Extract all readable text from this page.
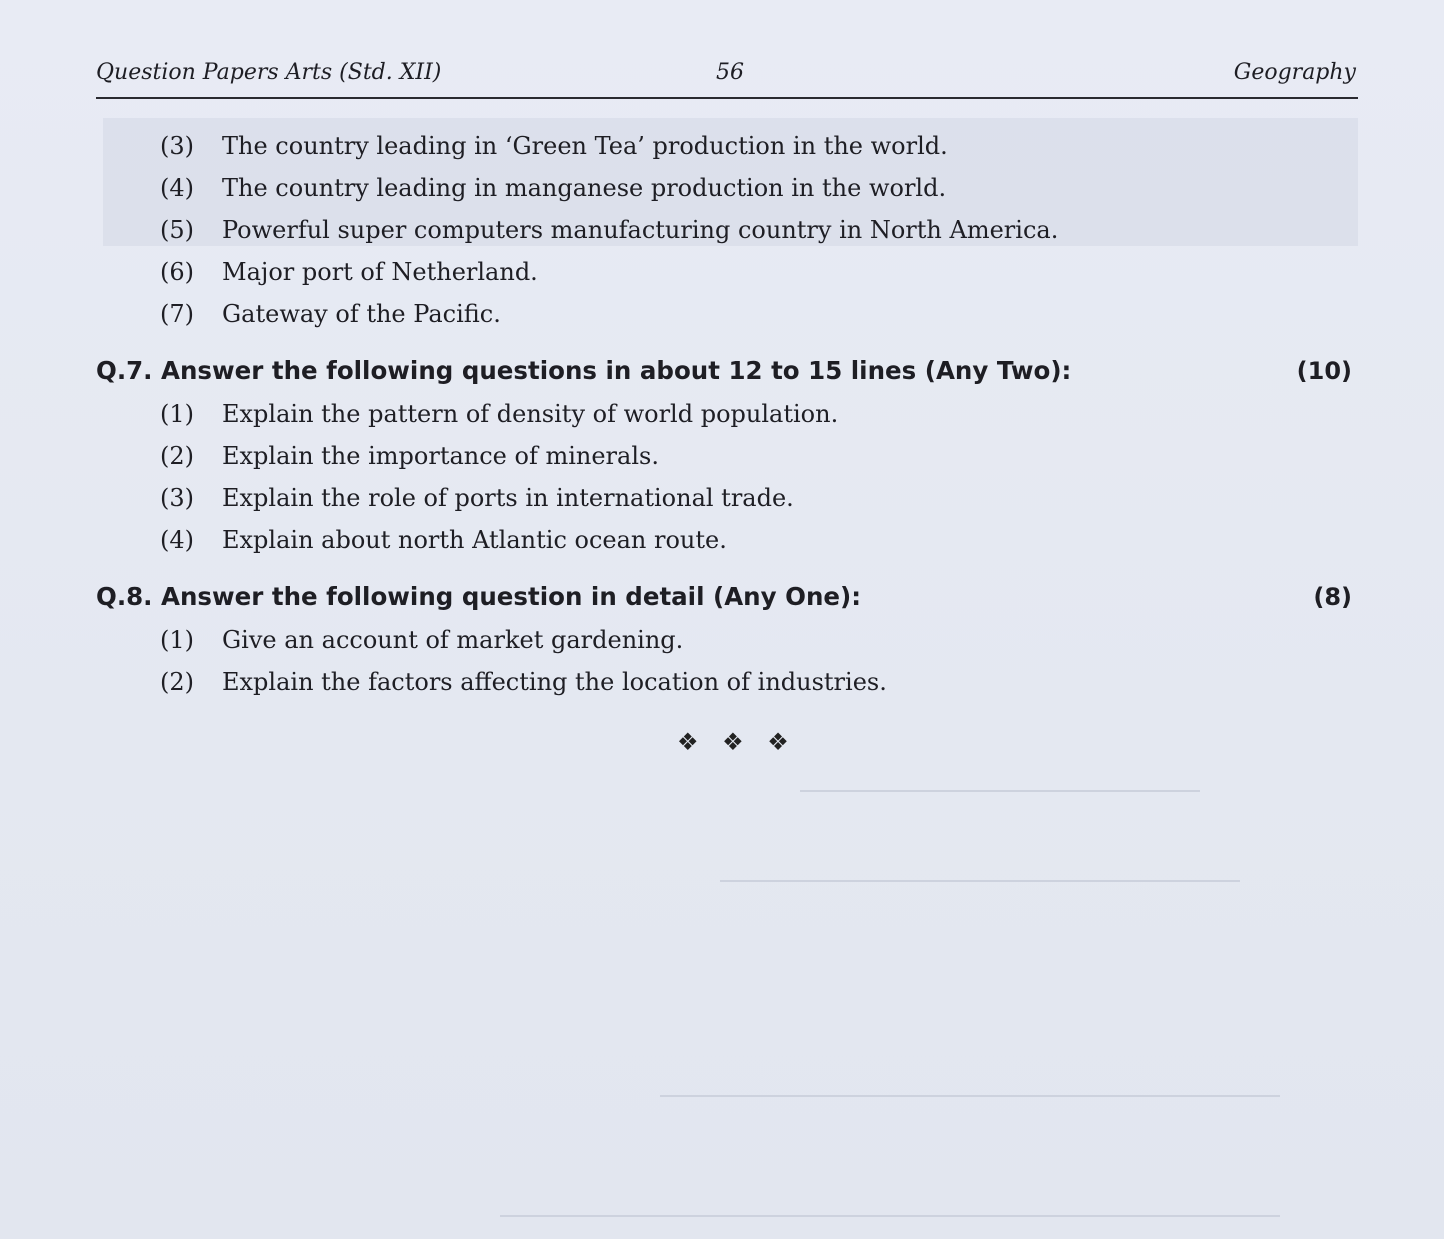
Question Papers Arts (Std. XII)	56	Geography
(3) The country leading in ‘Green Tea’ production in the world.
(4) The country leading in manganese production in the world.
(5) Powerful super computers manufacturing country in North America.
(6) Major port of Netherland.
(7) Gateway of the Pacific.
Q.7. Answer the following questions in about 12 to 15 lines (Any Two):	(10)
(1) Explain the pattern of density of world population.
(2) Explain the importance of minerals.
(3) Explain the role of ports in international trade.
(4) Explain about north Atlantic ocean route.
Q.8. Answer the following question in detail (Any One):	(8)
(1) Give an account of market gardening.
(2) Explain the factors affecting the location of industries.
❖ ❖ ❖
